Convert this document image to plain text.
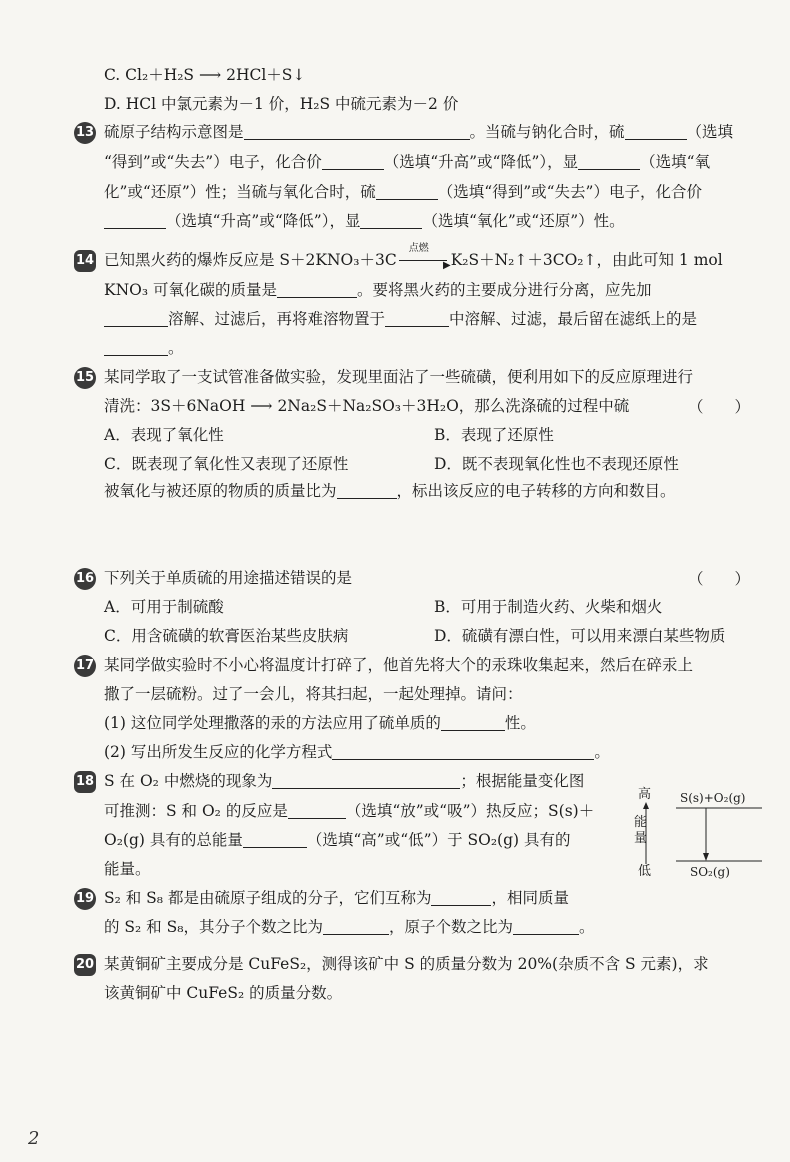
C. Cl₂＋H₂S ⟶ 2HCl＋S↓
D. HCl 中氯元素为－1 价，H₂S 中硫元素为－2 价
13 硫原子结构示意图是	。当硫与钠化合时，硫	（选填
“得到”或“失去”）电子，化合价	（选填“升高”或“降低”），显	（选填“氧
化”或“还原”）性；当硫与氧化合时，硫	（选填“得到”或“失去”）电子，化合价
（选填“升高”或“降低”），显	（选填“氧化”或“还原”）性。
14 已知黑火药的爆炸反应是 S＋2KNO₃＋3C
点燃
▶ K₂S＋N₂↑＋3CO₂↑，由此可知 1 mol
KNO₃ 可氧化碳的质量是	。要将黑火药的主要成分进行分离，应先加
溶解、过滤后，再将难溶物置于	中溶解、过滤，最后留在滤纸上的是
。
15 某同学取了一支试管准备做实验，发现里面沾了一些硫磺，便利用如下的反应原理进行
清洗：3S＋6NaOH ⟶ 2Na₂S＋Na₂SO₃＋3H₂O，那么洗涤硫的过程中硫	（　　）
A．表现了氧化性	B．表现了还原性
C．既表现了氧化性又表现了还原性	D．既不表现氧化性也不表现还原性
被氧化与被还原的物质的质量比为	，标出该反应的电子转移的方向和数目。
16 下列关于单质硫的用途描述错误的是	（　　）
A．可用于制硫酸	B．可用于制造火药、火柴和烟火
C．用含硫磺的软膏医治某些皮肤病	D．硫磺有漂白性，可以用来漂白某些物质
17 某同学做实验时不小心将温度计打碎了，他首先将大个的汞珠收集起来，然后在碎汞上
撒了一层硫粉。过了一会儿，将其扫起，一起处理掉。请问：
(1) 这位同学处理撒落的汞的方法应用了硫单质的	性。
(2) 写出所发生反应的化学方程式	。
18 S 在 O₂ 中燃烧的现象为	；根据能量变化图
可推测：S 和 O₂ 的反应是	（选填“放”或“吸”）热反应；S(s)＋
O₂(g) 具有的总能量	（选填“高”或“低”）于 SO₂(g) 具有的
能量。
高
低
能 量
S(s)+O₂(g)
SO₂(g)
19 S₂ 和 S₈ 都是由硫原子组成的分子，它们互称为	，相同质量
的 S₂ 和 S₈，其分子个数之比为	，原子个数之比为	。
20 某黄铜矿主要成分是 CuFeS₂，测得该矿中 S 的质量分数为 20%(杂质不含 S 元素)，求
该黄铜矿中 CuFeS₂ 的质量分数。
2
